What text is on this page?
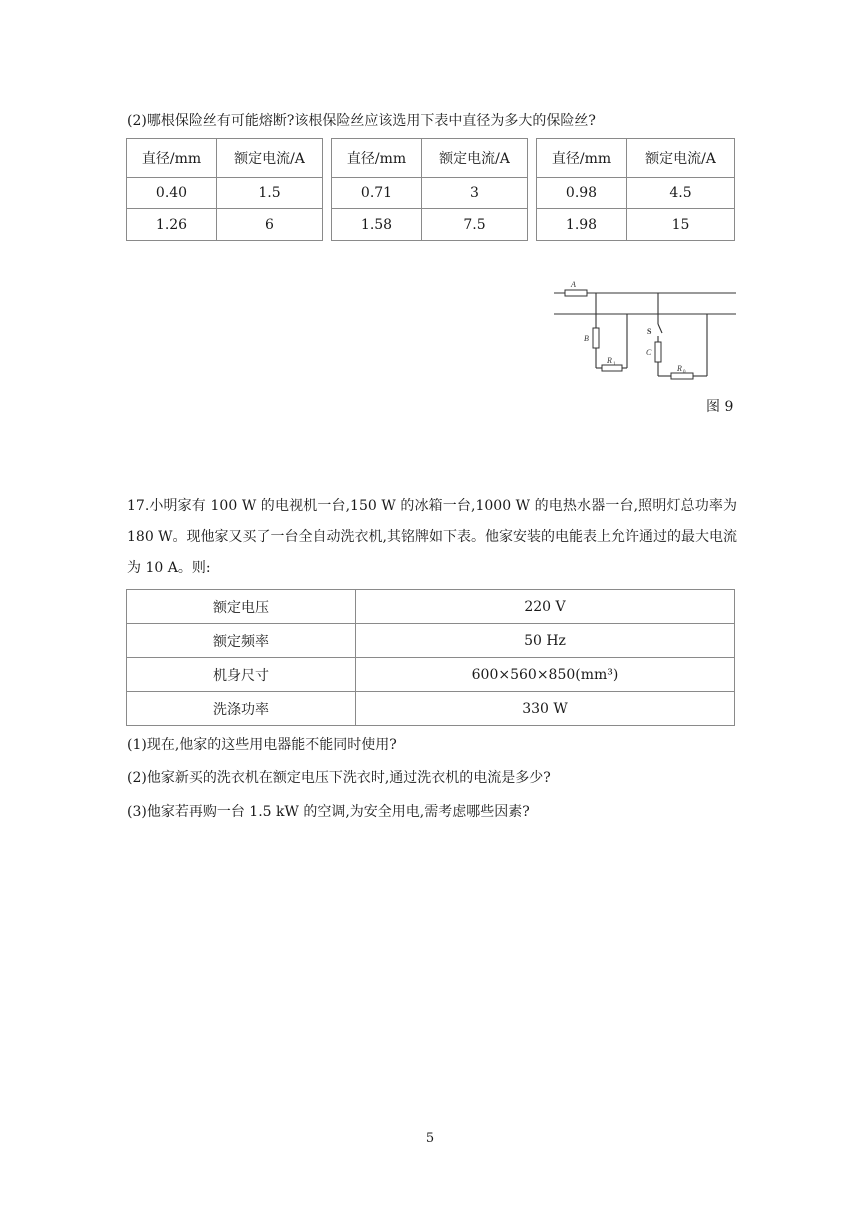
(2)哪根保险丝有可能熔断?该根保险丝应该选用下表中直径为多大的保险丝?
直径/mm	额定电流/A		直径/mm	额定电流/A		直径/mm	额定电流/A
0.40	1.5		0.71	3		0.98	4.5
1.26	6		1.58	7.5		1.98	15
A
B
C
R 1	R 0
S
图 9
17.小明家有 100 W 的电视机一台,150 W 的冰箱一台,1000 W 的电热水器一台,照明灯总功率为 180 W。现他家又买了一台全自动洗衣机,其铭牌如下表。他家安装的电能表上允许通过的最大电流为 10 A。则:
额定电压	220 V
额定频率	50 Hz
机身尺寸	600×560×850(mm³)
洗涤功率	330 W
(1)现在,他家的这些用电器能不能同时使用?
(2)他家新买的洗衣机在额定电压下洗衣时,通过洗衣机的电流是多少?
(3)他家若再购一台 1.5 kW 的空调,为安全用电,需考虑哪些因素?
5
